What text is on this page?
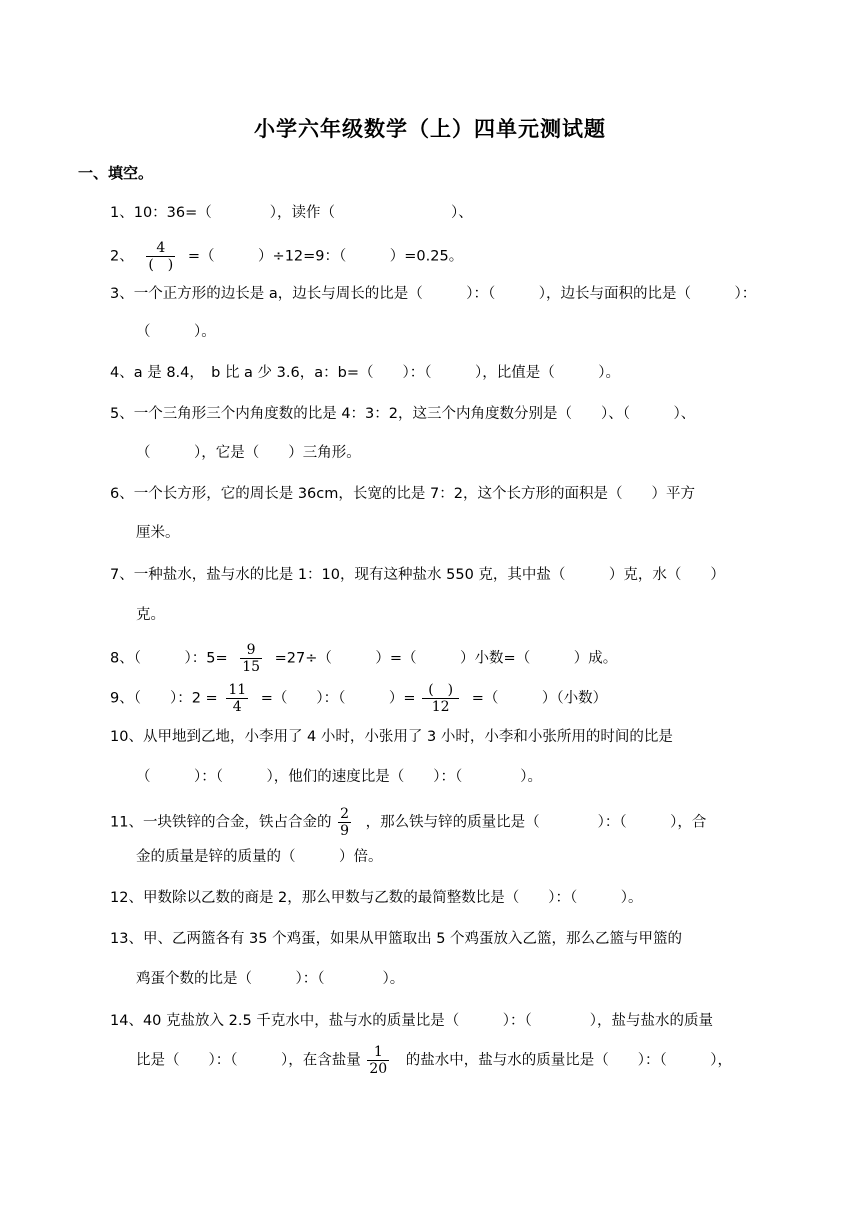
小学六年级数学（上）四单元测试题
一、填空。
1、10：36=（　　　　），读作（　　　　　　　　）、
2、 $\frac{4}{( )}$ =（　　　）÷12=9：（　　　）=0.25。
3、一个正方形的边长是 a，边长与周长的比是（　　　）：（　　　），边长与面积的比是（　　　）：
（　　　）。
4、a 是 8.4，　b 比 a 少 3.6，a：b=（　　）：（　　　），比值是（　　　）。
5、一个三角形三个内角度数的比是 4：3：2，这三个内角度数分别是（　　）、（　　　）、
（　　　），它是（　　）三角形。
6、一个长方形，它的周长是 36cm，长宽的比是 7：2，这个长方形的面积是（　　）平方
厘米。
7、一种盐水，盐与水的比是 1：10，现有这种盐水 550 克，其中盐（　　　）克，水（　　）
克。
8、（　　　）：$5= \frac{9}{15} =27\div$（　　　）=（　　　）小数=（　　　）成。
9、（　　）：$2 = \frac{11}{4}$ =（　　）：（　　　）= $\frac{( )}{12}$ =（　　　）（小数）
10、从甲地到乙地，小李用了 4 小时，小张用了 3 小时，小李和小张所用的时间的比是
（　　　）：（　　　），他们的速度比是（　　）：（　　　　）。
11、一块铁锌的合金，铁占合金的 $\frac{2}{9}$ ，那么铁与锌的质量比是（　　　　）：（　　　），合
金的质量是锌的质量的（　　　）倍。
12、甲数除以乙数的商是 2，那么甲数与乙数的最简整数比是（　　）：（　　　）。
13、甲、乙两篮各有 35 个鸡蛋，如果从甲篮取出 5 个鸡蛋放入乙篮，那么乙篮与甲篮的
鸡蛋个数的比是（　　　）：（　　　　）。
14、40 克盐放入 2.5 千克水中，盐与水的质量比是（　　　）：（　　　　），盐与盐水的质量
比是（　　）：（　　　），在含盐量 $\frac{1}{20}$ 的盐水中，盐与水的质量比是（　　）：（　　　），
